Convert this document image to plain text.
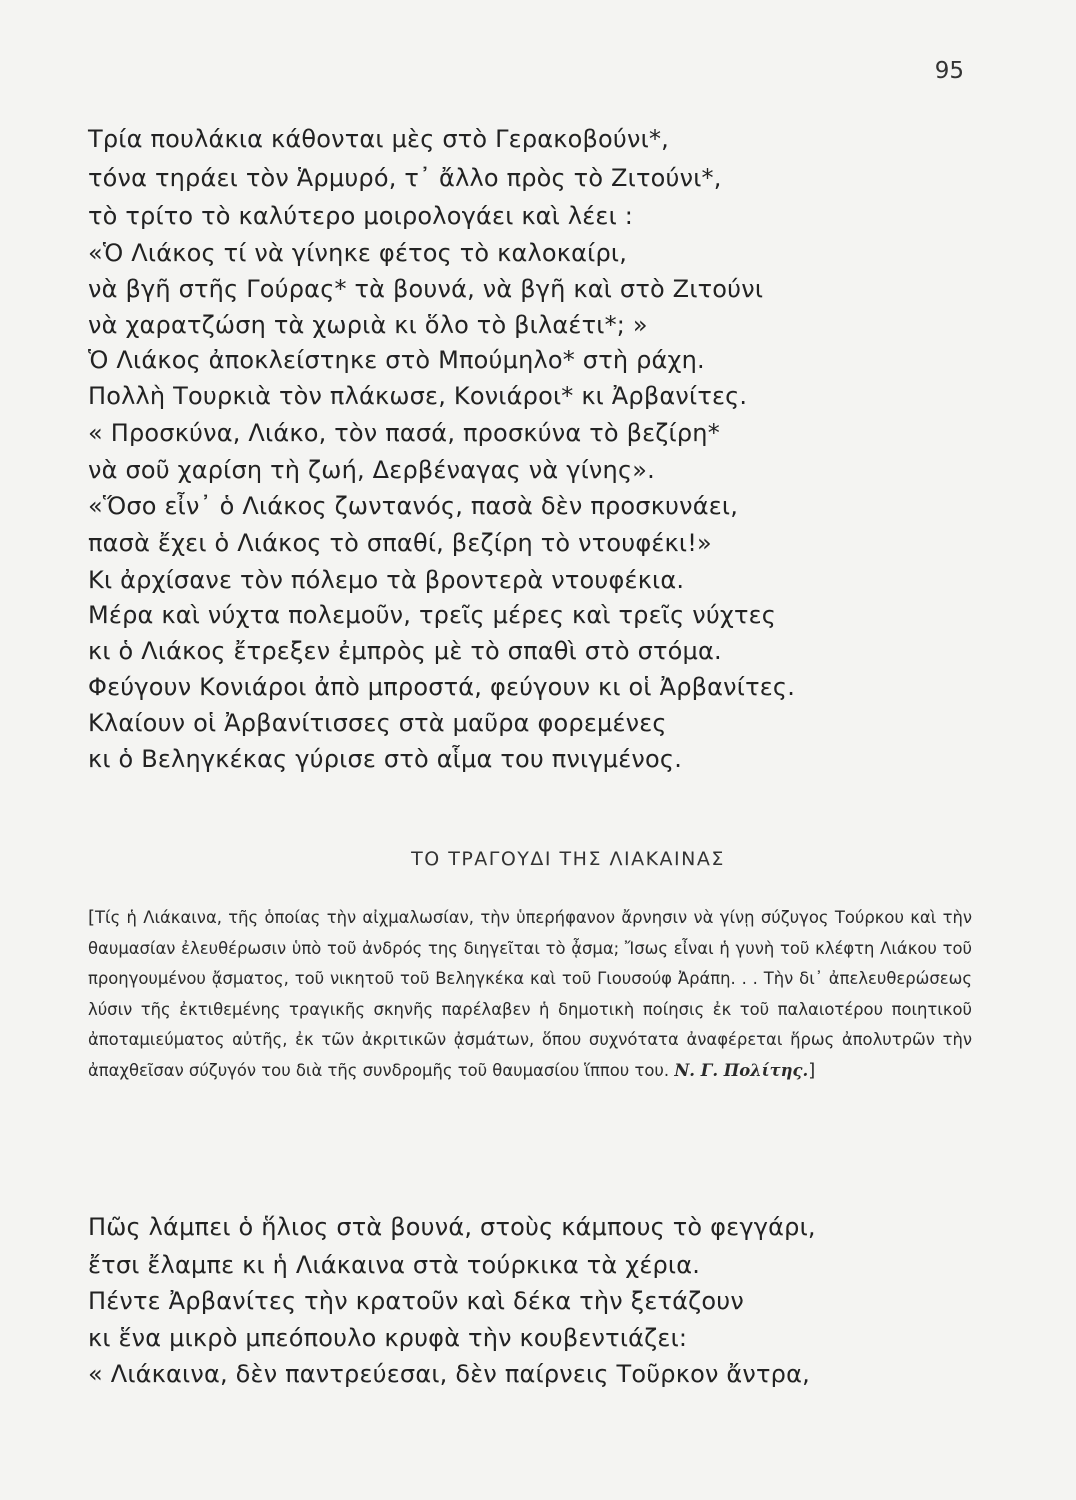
95
Τρία πουλάκια κάθονται μὲς στὸ Γερακοβούνι*,
τόνα τηράει τὸν Ἁρμυρό, τ᾿ ἄλλο πρὸς τὸ Ζιτούνι*,
τὸ τρίτο τὸ καλύτερο μοιρολογάει καὶ λέει :
«Ὁ Λιάκος τί νὰ γίνηκε φέτος τὸ καλοκαίρι,
νὰ βγῆ στῆς Γούρας* τὰ βουνά, νὰ βγῆ καὶ στὸ Ζιτούνι
νὰ χαρατζώση τὰ χωριὰ κι ὅλο τὸ βιλαέτι*; »
Ὁ Λιάκος ἀποκλείστηκε στὸ Μπούμηλο* στὴ ράχη.
Πολλὴ Τουρκιὰ τὸν πλάκωσε, Κονιάροι* κι Ἀρβανίτες.
« Προσκύνα, Λιάκο, τὸν πασά, προσκύνα τὸ βεζίρη*
νὰ σοῦ χαρίση τὴ ζωή, Δερβέναγας νὰ γίνης».
«Ὅσο εἶν᾿ ὁ Λιάκος ζωντανός, πασὰ δὲν προσκυνάει,
πασὰ ἔχει ὁ Λιάκος τὸ σπαθί, βεζίρη τὸ ντουφέκι!»
Κι ἀρχίσανε τὸν πόλεμο τὰ βροντερὰ ντουφέκια.
Μέρα καὶ νύχτα πολεμοῦν, τρεῖς μέρες καὶ τρεῖς νύχτες
κι ὁ Λιάκος ἔτρεξεν ἐμπρὸς μὲ τὸ σπαθὶ στὸ στόμα.
Φεύγουν Κονιάροι ἀπὸ μπροστά, φεύγουν κι οἱ Ἀρβανίτες.
Κλαίουν οἱ Ἀρβανίτισσες στὰ μαῦρα φορεμένες
κι ὁ Βεληγκέκας γύρισε στὸ αἷμα του πνιγμένος.
ΤΟ ΤΡΑΓΟΥΔΙ ΤΗΣ ΛΙΑΚΑΙΝΑΣ
[Τίς ἡ Λιάκαινα, τῆς ὁποίας τὴν αἰχμαλωσίαν, τὴν ὑπερήφανον ἄρνησιν νὰ γίνῃ σύζυγος Τούρκου καὶ τὴν θαυμασίαν ἐλευθέρωσιν ὑπὸ τοῦ ἀνδρός της διηγεῖται τὸ ᾆσμα; Ἴσως εἶναι ἡ γυνὴ τοῦ κλέφτη Λιάκου τοῦ προηγουμένου ᾄσματος, τοῦ νικητοῦ τοῦ Βεληγκέκα καὶ τοῦ Γιουσούφ Ἀράπη. . . Τὴν δι᾿ ἀπελευθερώσεως λύσιν τῆς ἐκτιθεμένης τραγικῆς σκηνῆς παρέλαβεν ἡ δημοτικὴ ποίησις ἐκ τοῦ παλαιοτέρου ποιητικοῦ ἀποταμιεύματος αὐτῆς, ἐκ τῶν ἀκριτικῶν ᾀσμάτων, ὅπου συχνότατα ἀναφέρεται ἥρως ἀπολυτρῶν τὴν ἀπαχθεῖσαν σύζυγόν του διὰ τῆς συνδρομῆς τοῦ θαυμασίου ἵππου του. Ν. Γ. Πολίτης.]
Πῶς λάμπει ὁ ἥλιος στὰ βουνά, στοὺς κάμπους τὸ φεγγάρι,
ἔτσι ἔλαμπε κι ἡ Λιάκαινα στὰ τούρκικα τὰ χέρια.
Πέντε Ἀρβανίτες τὴν κρατοῦν καὶ δέκα τὴν ξετάζουν
κι ἕνα μικρὸ μπεόπουλο κρυφὰ τὴν κουβεντιάζει:
« Λιάκαινα, δὲν παντρεύεσαι, δὲν παίρνεις Τοῦρκον ἄντρα,
